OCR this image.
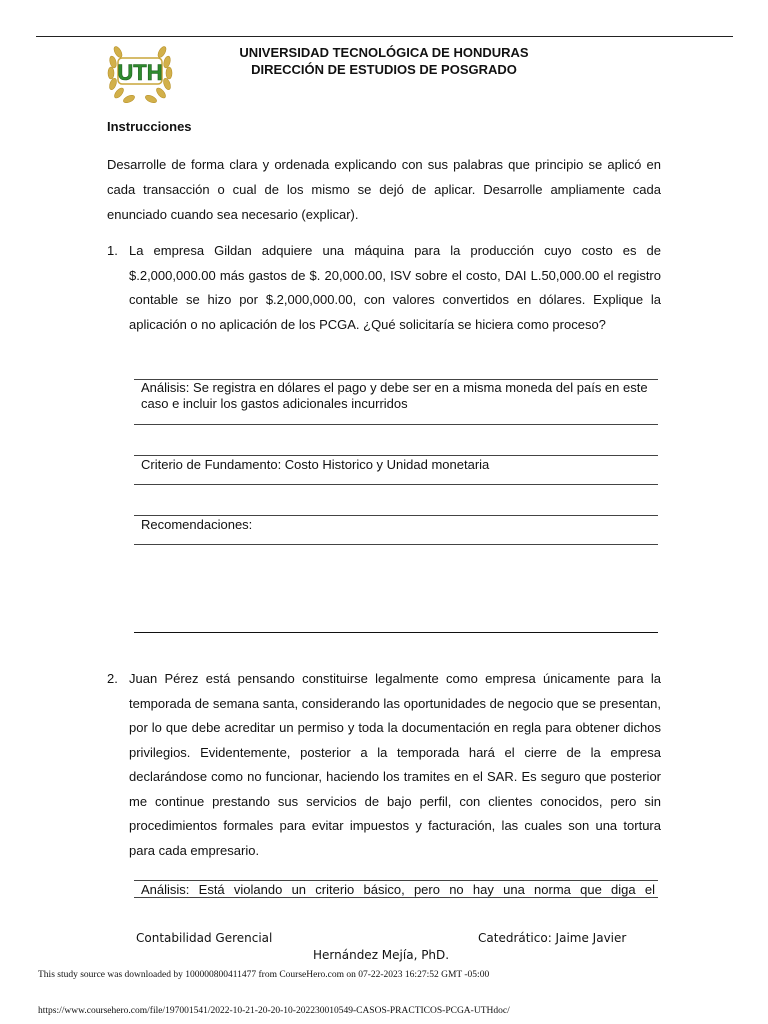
UTH
UNIVERSIDAD TECNOLÓGICA DE HONDURAS
DIRECCIÓN DE ESTUDIOS DE POSGRADO
Instrucciones
Desarrolle de forma clara y ordenada explicando con sus palabras que principio se aplicó en cada transacción o cual de los mismo se dejó de aplicar. Desarrolle ampliamente cada enunciado cuando sea necesario (explicar).
1. La empresa Gildan adquiere una máquina para la producción cuyo costo es de $.2,000,000.00 más gastos de $. 20,000.00, ISV sobre el costo, DAI L.50,000.00 el registro contable se hizo por $.2,000,000.00, con valores convertidos en dólares. Explique la aplicación o no aplicación de los PCGA. ¿Qué solicitaría se hiciera como proceso?
Análisis: Se registra en dólares el pago y debe ser en a misma moneda del país en este caso e incluir los gastos adicionales incurridos
Criterio de Fundamento: Costo Historico y Unidad monetaria
Recomendaciones:
2. Juan Pérez está pensando constituirse legalmente como empresa únicamente para la temporada de semana santa, considerando las oportunidades de negocio que se presentan, por lo que debe acreditar un permiso y toda la documentación en regla para obtener dichos privilegios. Evidentemente, posterior a la temporada hará el cierre de la empresa declarándose como no funcionar, haciendo los tramites en el SAR. Es seguro que posterior me continue prestando sus servicios de bajo perfil, con clientes conocidos, pero sin procedimientos formales para evitar impuestos y facturación, las cuales son una tortura para cada empresario.
Análisis: Está violando un criterio básico, pero no hay una norma que diga el
Contabilidad Gerencial	Catedrático: Jaime Javier
Hernández Mejía, PhD.
This study source was downloaded by 100000800411477 from CourseHero.com on 07-22-2023 16:27:52 GMT -05:00
https://www.coursehero.com/file/197001541/2022-10-21-20-20-10-202230010549-CASOS-PRACTICOS-PCGA-UTHdoc/
